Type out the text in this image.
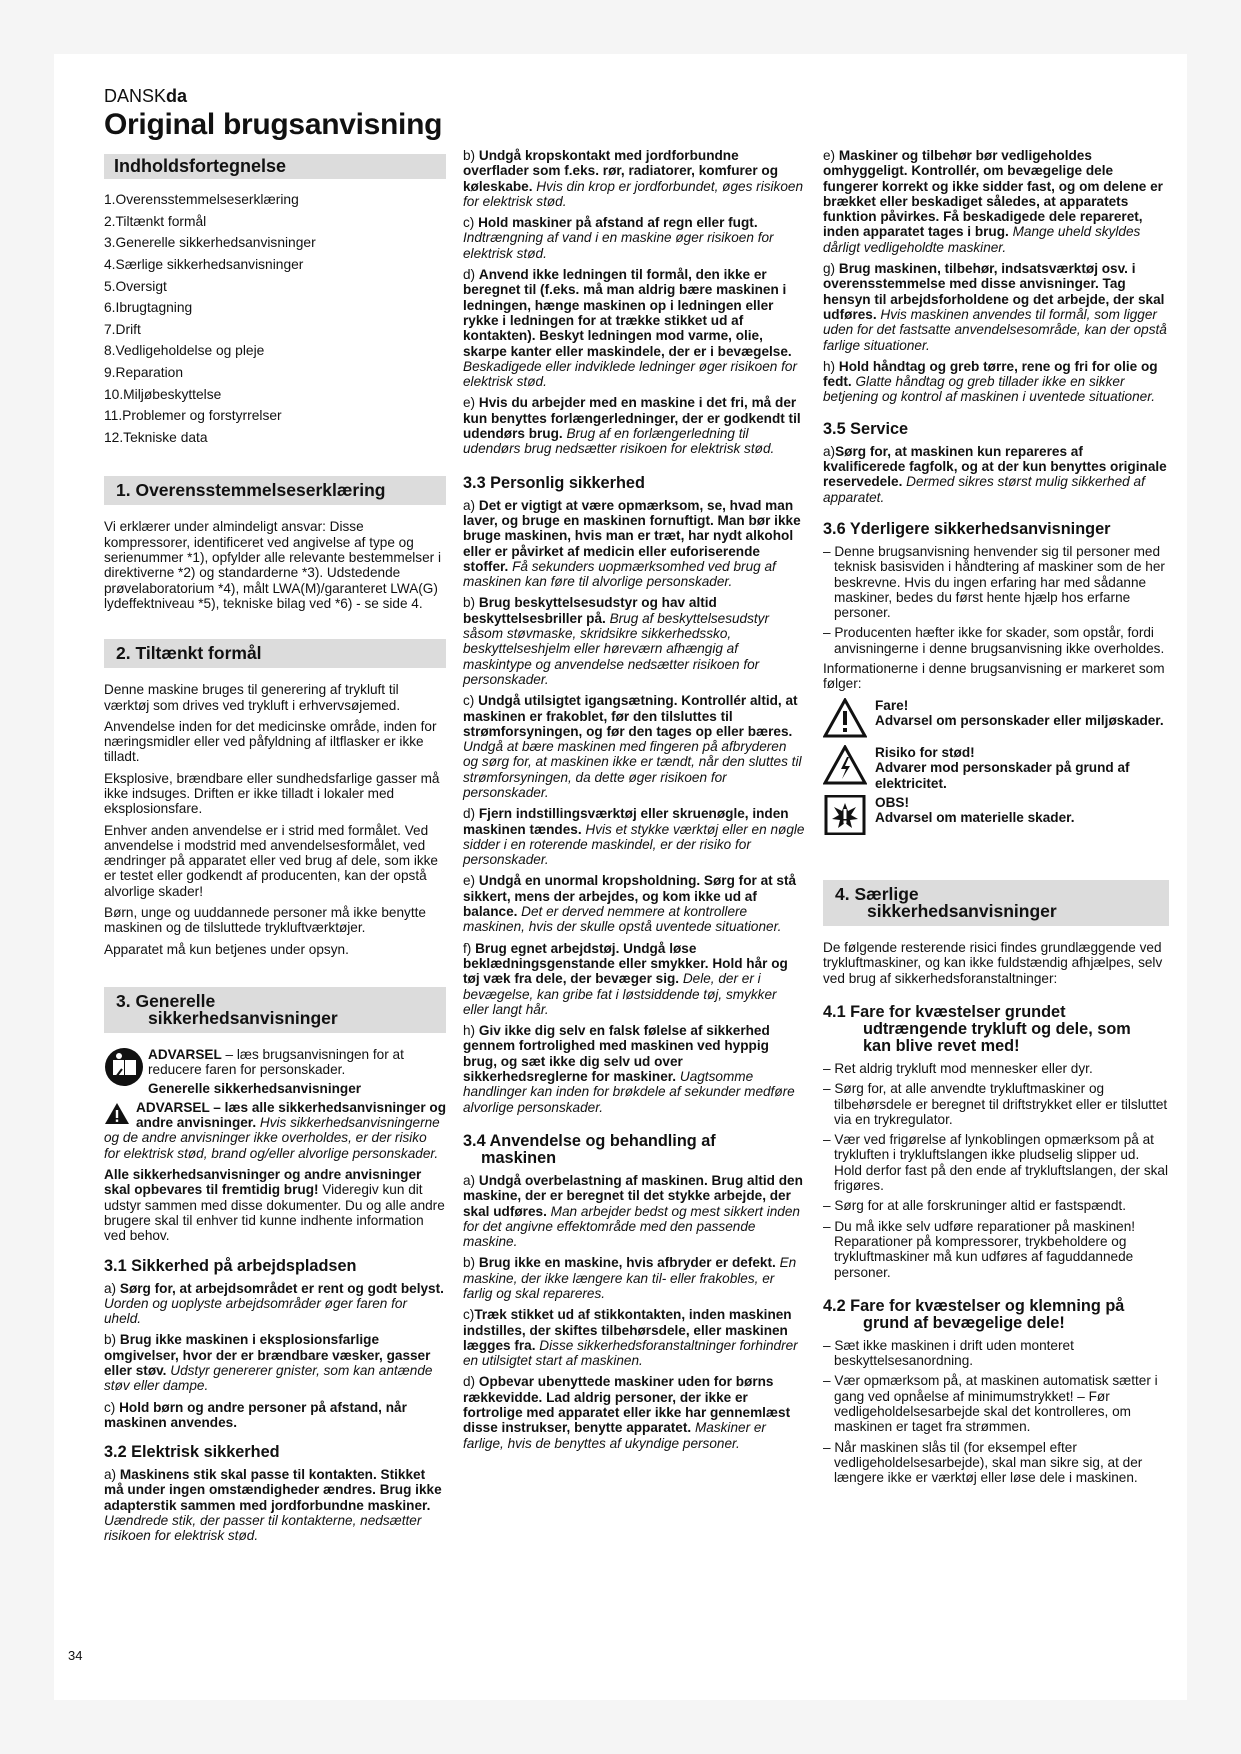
DANSKda
Original brugsanvisning
Indholdsfortegnelse
1.Overensstemmelseserklæring
2.Tiltænkt formål
3.Generelle sikkerhedsanvisninger
4.Særlige sikkerhedsanvisninger
5.Oversigt
6.Ibrugtagning
7.Drift
8.Vedligeholdelse og pleje
9.Reparation
10.Miljøbeskyttelse
11.Problemer og forstyrrelser
12.Tekniske data
1. Overensstemmelseserklæring

Vi erklærer under almindeligt ansvar: Disse kompressorer, identificeret ved angivelse af type og serienummer *1), opfylder alle relevante bestemmelser i direktiverne *2) og standarderne *3). Udstedende prøvelaboratorium *4), målt LWA(M)/garanteret LWA(G) lydeffektniveau *5), tekniske bilag ved *6) - se side 4.

2. Tiltænkt formål

Denne maskine bruges til generering af trykluft til værktøj som drives ved trykluft i erhvervsøjemed.

Anvendelse inden for det medicinske område, inden for næringsmidler eller ved påfyldning af iltflasker er ikke tilladt.

Eksplosive, brændbare eller sundhedsfarlige gasser må ikke indsuges. Driften er ikke tilladt i lokaler med eksplosionsfare.

Enhver anden anvendelse er i strid med formålet. Ved anvendelse i modstrid med anvendelsesformålet, ved ændringer på apparatet eller ved brug af dele, som ikke er testet eller godkendt af producenten, kan der opstå alvorlige skader!

Børn, unge og uuddannede personer må ikke benytte maskinen og de tilsluttede trykluftværktøjer.

Apparatet må kun betjenes under opsyn.

3. Generelle
sikkerhedsanvisninger
ADVARSEL – læs brugsanvisningen for at reducere faren for personskader.
Generelle sikkerhedsanvisninger

ADVARSEL – læs alle sikkerhedsanvisninger og andre anvisninger. Hvis sikkerhedsanvisningerne og de andre anvisninger ikke overholdes, er der risiko for elektrisk stød, brand og/eller alvorlige personskader.

Alle sikkerhedsanvisninger og andre anvisninger skal opbevares til fremtidig brug! Videregiv kun dit udstyr sammen med disse dokumenter. Du og alle andre brugere skal til enhver tid kunne indhente information ved behov.

3.1 Sikkerhed på arbejdspladsen

a) Sørg for, at arbejdsområdet er rent og godt belyst. Uorden og uoplyste arbejdsområder øger faren for uheld.

b) Brug ikke maskinen i eksplosionsfarlige omgivelser, hvor der er brændbare væsker, gasser eller støv. Udstyr genererer gnister, som kan antænde støv eller dampe.

c) Hold børn og andre personer på afstand, når maskinen anvendes.

3.2 Elektrisk sikkerhed

a) Maskinens stik skal passe til kontakten. Stikket må under ingen omstændigheder ændres. Brug ikke adapterstik sammen med jordforbundne maskiner. Uændrede stik, der passer til kontakterne, nedsætter risikoen for elektrisk stød.

b) Undgå kropskontakt med jordforbundne overflader som f.eks. rør, radiatorer, komfurer og køleskabe. Hvis din krop er jordforbundet, øges risikoen for elektrisk stød.

c) Hold maskiner på afstand af regn eller fugt. Indtrængning af vand i en maskine øger risikoen for elektrisk stød.

d) Anvend ikke ledningen til formål, den ikke er beregnet til (f.eks. må man aldrig bære maskinen i ledningen, hænge maskinen op i ledningen eller rykke i ledningen for at trække stikket ud af kontakten). Beskyt ledningen mod varme, olie, skarpe kanter eller maskindele, der er i bevægelse. Beskadigede eller indviklede ledninger øger risikoen for elektrisk stød.

e) Hvis du arbejder med en maskine i det fri, må der kun benyttes forlængerledninger, der er godkendt til udendørs brug. Brug af en forlængerledning til udendørs brug nedsætter risikoen for elektrisk stød.

3.3 Personlig sikkerhed

a) Det er vigtigt at være opmærksom, se, hvad man laver, og bruge en maskinen fornuftigt. Man bør ikke bruge maskinen, hvis man er træt, har nydt alkohol eller er påvirket af medicin eller euforiserende stoffer. Få sekunders uopmærksomhed ved brug af maskinen kan føre til alvorlige personskader.

b) Brug beskyttelsesudstyr og hav altid beskyttelsesbriller på. Brug af beskyttelsesudstyr såsom støvmaske, skridsikre sikkerhedssko, beskyttelseshjelm eller høreværn afhængig af maskintype og anvendelse nedsætter risikoen for personskader.

c) Undgå utilsigtet igangsætning. Kontrollér altid, at maskinen er frakoblet, før den tilsluttes til strømforsyningen, og før den tages op eller bæres. Undgå at bære maskinen med fingeren på afbryderen og sørg for, at maskinen ikke er tændt, når den sluttes til strømforsyningen, da dette øger risikoen for personskader.

d) Fjern indstillingsværktøj eller skruenøgle, inden maskinen tændes. Hvis et stykke værktøj eller en nøgle sidder i en roterende maskindel, er der risiko for personskader.

e) Undgå en unormal kropsholdning. Sørg for at stå sikkert, mens der arbejdes, og kom ikke ud af balance. Det er derved nemmere at kontrollere maskinen, hvis der skulle opstå uventede situationer.

f) Brug egnet arbejdstøj. Undgå løse beklædningsgenstande eller smykker. Hold hår og tøj væk fra dele, der bevæger sig. Dele, der er i bevægelse, kan gribe fat i løstsiddende tøj, smykker eller langt hår.

h) Giv ikke dig selv en falsk følelse af sikkerhed gennem fortrolighed med maskinen ved hyppig brug, og sæt ikke dig selv ud over sikkerhedsreglerne for maskiner. Uagtsomme handlinger kan inden for brøkdele af sekunder medføre alvorlige personskader.

3.4 Anvendelse og behandling af
maskinen

a) Undgå overbelastning af maskinen. Brug altid den maskine, der er beregnet til det stykke arbejde, der skal udføres. Man arbejder bedst og mest sikkert inden for det angivne effektområde med den passende maskine.

b) Brug ikke en maskine, hvis afbryder er defekt. En maskine, der ikke længere kan til- eller frakobles, er farlig og skal repareres.

c)Træk stikket ud af stikkontakten, inden maskinen indstilles, der skiftes tilbehørsdele, eller maskinen lægges fra. Disse sikkerhedsforanstaltninger forhindrer en utilsigtet start af maskinen.

d) Opbevar ubenyttede maskiner uden for børns rækkevidde. Lad aldrig personer, der ikke er fortrolige med apparatet eller ikke har gennemlæst disse instrukser, benytte apparatet. Maskiner er farlige, hvis de benyttes af ukyndige personer.

e) Maskiner og tilbehør bør vedligeholdes omhyggeligt. Kontrollér, om bevægelige dele fungerer korrekt og ikke sidder fast, og om delene er brækket eller beskadiget således, at apparatets funktion påvirkes. Få beskadigede dele repareret, inden apparatet tages i brug. Mange uheld skyldes dårligt vedligeholdte maskiner.

g) Brug maskinen, tilbehør, indsatsværktøj osv. i overensstemmelse med disse anvisninger. Tag hensyn til arbejdsforholdene og det arbejde, der skal udføres. Hvis maskinen anvendes til formål, som ligger uden for det fastsatte anvendelsesområde, kan der opstå farlige situationer.

h) Hold håndtag og greb tørre, rene og fri for olie og fedt. Glatte håndtag og greb tillader ikke en sikker betjening og kontrol af maskinen i uventede situationer.

3.5 Service

a)Sørg for, at maskinen kun repareres af kvalificerede fagfolk, og at der kun benyttes originale reservedele. Dermed sikres størst mulig sikkerhed af apparatet.

3.6 Yderligere sikkerhedsanvisninger

– Denne brugsanvisning henvender sig til personer med teknisk basisviden i håndtering af maskiner som de her beskrevne. Hvis du ingen erfaring har med sådanne maskiner, bedes du først hente hjælp hos erfarne personer.

– Producenten hæfter ikke for skader, som opstår, fordi anvisningerne i denne brugsanvisning ikke overholdes.

Informationerne i denne brugsanvisning er markeret som følger:

Fare!
Advarsel om personskader eller miljøskader.
Risiko for stød!
Advarer mod personskader på grund af elektricitet.
OBS!
Advarsel om materielle skader.
4. Særlige
sikkerhedsanvisninger

De følgende resterende risici findes grundlæggende ved trykluftmaskiner, og kan ikke fuldstændig afhjælpes, selv ved brug af sikkerhedsforanstaltninger:

4.1 Fare for kvæstelser grundet
udtrængende trykluft og dele, som
kan blive revet med!

– Ret aldrig trykluft mod mennesker eller dyr.

– Sørg for, at alle anvendte trykluftmaskiner og tilbehørsdele er beregnet til driftstrykket eller er tilsluttet via en trykregulator.

– Vær ved frigørelse af lynkoblingen opmærksom på at trykluften i trykluftslangen ikke pludselig slipper ud. Hold derfor fast på den ende af trykluftslangen, der skal frigøres.

– Sørg for at alle forskruninger altid er fastspændt.

– Du må ikke selv udføre reparationer på maskinen! Reparationer på kompressorer, trykbeholdere og trykluftmaskiner må kun udføres af faguddannede personer.

4.2 Fare for kvæstelser og klemning på
grund af bevægelige dele!

– Sæt ikke maskinen i drift uden monteret beskyttelsesanordning.

– Vær opmærksom på, at maskinen automatisk sætter i gang ved opnåelse af minimumstrykket! – Før vedligeholdelsesarbejde skal det kontrolleres, om maskinen er taget fra strømmen.

– Når maskinen slås til (for eksempel efter vedligeholdelsesarbejde), skal man sikre sig, at der længere ikke er værktøj eller løse dele i maskinen.

34
